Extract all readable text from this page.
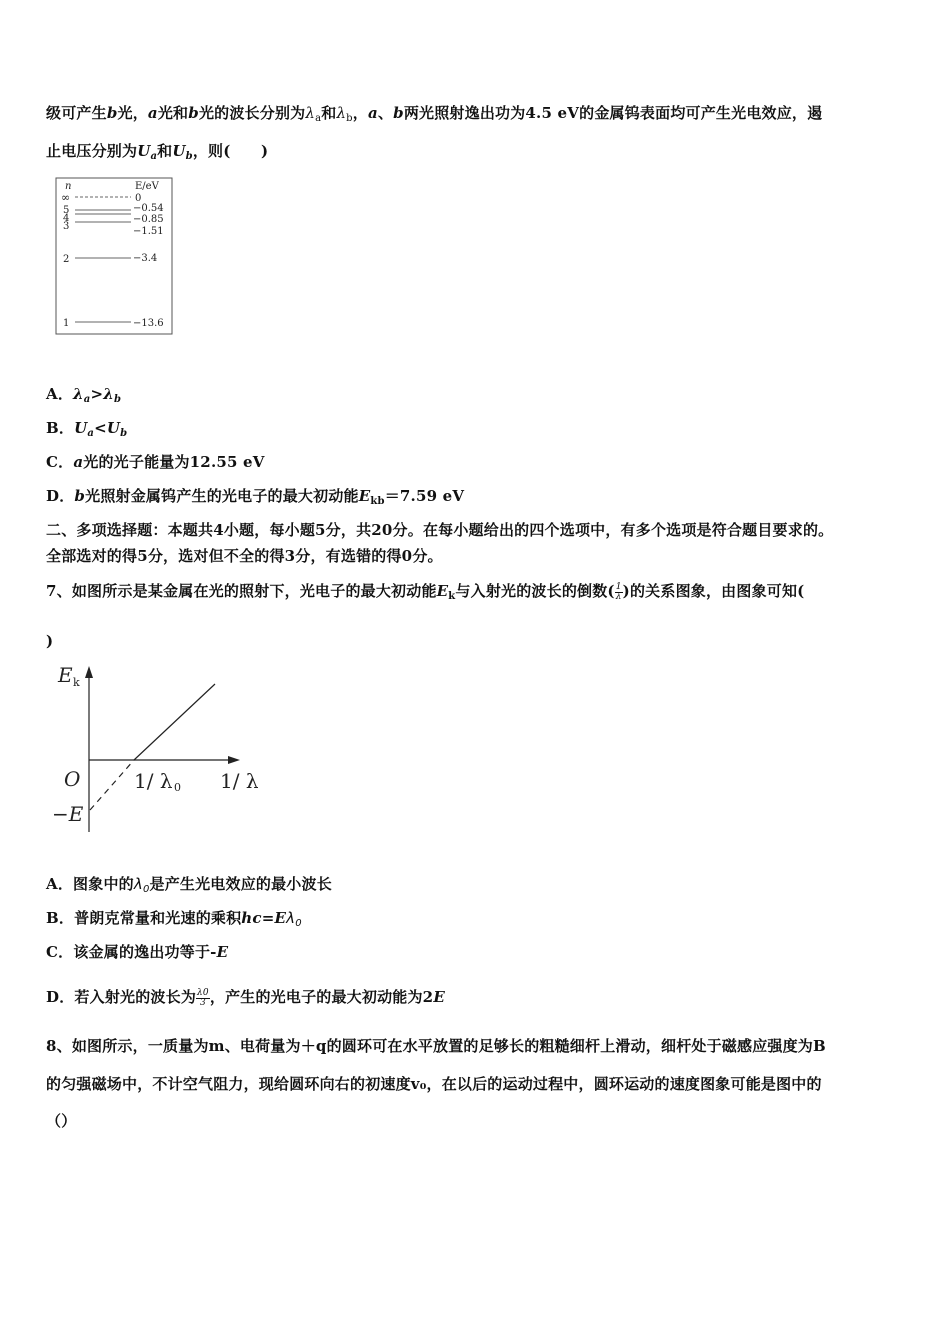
级可产生b光，a光和b光的波长分别为$\lambda_a$和$\lambda_b$，a、b两光照射逸出功为4.5 eV的金属钨表面均可产生光电效应，遏
止电压分别为$U_a$和$U_b$，则(　　)
n	E/eV
∞	0
5	−0.54
4	−0.85
3	−1.51
2	−3.4
1	−13.6
A．$\lambda_a>\lambda_b$
B．$U_a<U_b$
C．a光的光子能量为12.55 eV
D．b光照射金属钨产生的光电子的最大初动能$E_{kb}=7.59$ eV
二、多项选择题：本题共4小题，每小题5分，共20分。在每小题给出的四个选项中，有多个选项是符合题目要求的。
全部选对的得5分，选对但不全的得3分，有选错的得0分。
7、如图所示是某金属在光的照射下，光电子的最大初动能$E_k$与入射光的波长的倒数( $\frac{1}{\lambda}$ )的关系图象，由图象可知(
)
E k
O	1/ λ 0 1/ λ
−E
A．图象中的$\lambda_0$是产生光电效应的最小波长
B．普朗克常量和光速的乘积$hc=E\lambda_0$
C．该金属的逸出功等于-E
D．若入射光的波长为 $\frac{\lambda 0}{3}$ ，产生的光电子的最大初动能为2E
8、如图所示，一质量为m、电荷量为＋q的圆环可在水平放置的足够长的粗糙细杆上滑动，细杆处于磁感应强度为B
的匀强磁场中，不计空气阻力，现给圆环向右的初速度v₀，在以后的运动过程中，圆环运动的速度图象可能是图中的
（）
